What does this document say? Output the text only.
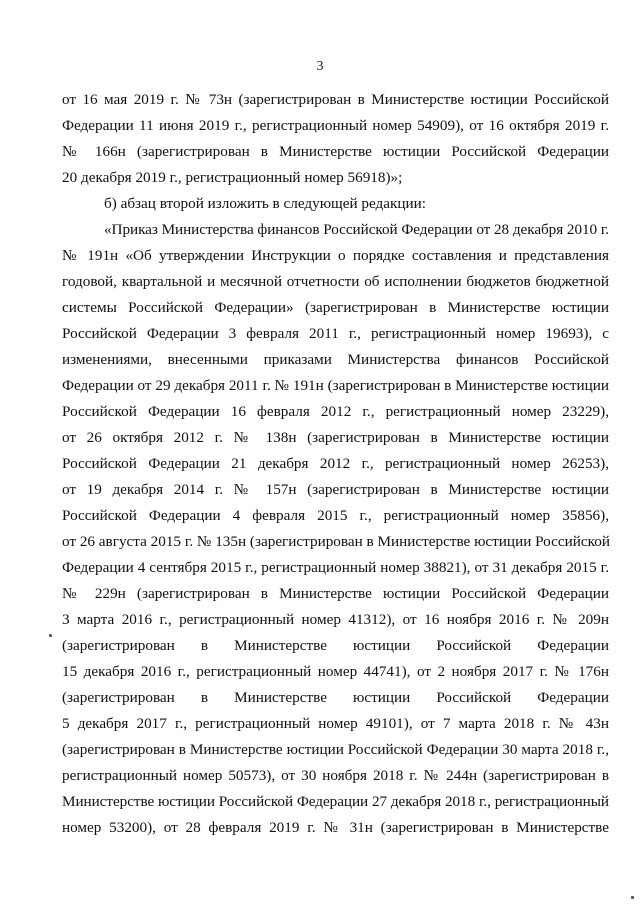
3
от 16 мая 2019 г. № 73н (зарегистрирован в Министерстве юстиции Российской
Федерации 11 июня 2019 г., регистрационный номер 54909), от 16 октября 2019 г.
№ 166н (зарегистрирован в Министерстве юстиции Российской Федерации
20 декабря 2019 г., регистрационный номер 56918)»;
б) абзац второй изложить в следующей редакции:
«Приказ Министерства финансов Российской Федерации от 28 декабря 2010 г.
№ 191н «Об утверждении Инструкции о порядке составления и представления
годовой, квартальной и месячной отчетности об исполнении бюджетов бюджетной
системы Российской Федерации» (зарегистрирован в Министерстве юстиции
Российской Федерации 3 февраля 2011 г., регистрационный номер 19693), с
изменениями, внесенными приказами Министерства финансов Российской
Федерации от 29 декабря 2011 г. № 191н (зарегистрирован в Министерстве юстиции
Российской Федерации 16 февраля 2012 г., регистрационный номер 23229),
от 26 октября 2012 г. № 138н (зарегистрирован в Министерстве юстиции
Российской Федерации 21 декабря 2012 г., регистрационный номер 26253),
от 19 декабря 2014 г. № 157н (зарегистрирован в Министерстве юстиции
Российской Федерации 4 февраля 2015 г., регистрационный номер 35856),
от 26 августа 2015 г. № 135н (зарегистрирован в Министерстве юстиции Российской
Федерации 4 сентября 2015 г., регистрационный номер 38821), от 31 декабря 2015 г.
№ 229н (зарегистрирован в Министерстве юстиции Российской Федерации
3 марта 2016 г., регистрационный номер 41312), от 16 ноября 2016 г. № 209н
(зарегистрирован в Министерстве юстиции Российской Федерации
15 декабря 2016 г., регистрационный номер 44741), от 2 ноября 2017 г. № 176н
(зарегистрирован в Министерстве юстиции Российской Федерации
5 декабря 2017 г., регистрационный номер 49101), от 7 марта 2018 г. № 43н
(зарегистрирован в Министерстве юстиции Российской Федерации 30 марта 2018 г.,
регистрационный номер 50573), от 30 ноября 2018 г. № 244н (зарегистрирован в
Министерстве юстиции Российской Федерации 27 декабря 2018 г., регистрационный
номер 53200), от 28 февраля 2019 г. № 31н (зарегистрирован в Министерстве
